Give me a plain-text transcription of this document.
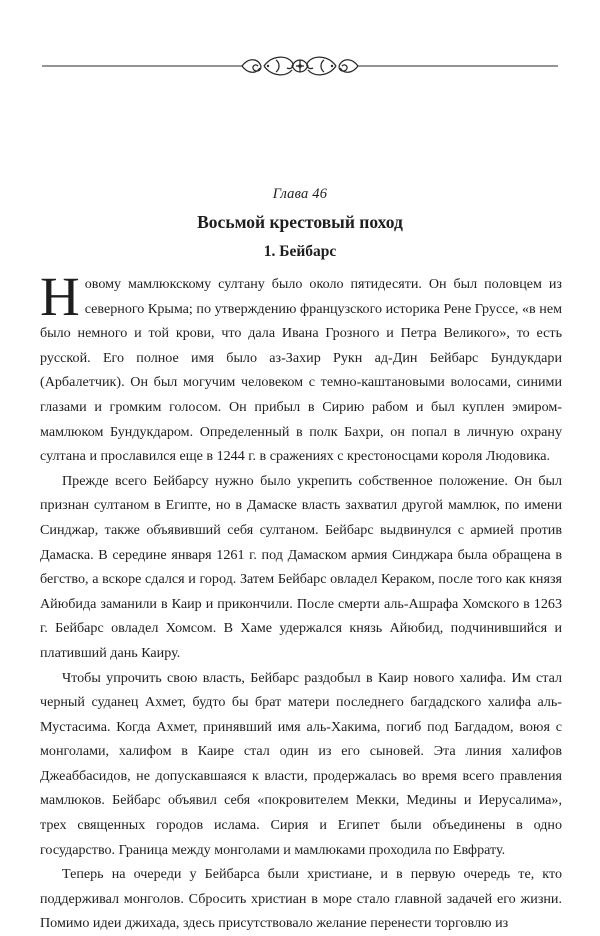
Глава 46
Восьмой крестовый поход
1. Бейбарс

Новому мамлюкскому султану было около пятидесяти. Он был половцем из северного Крыма; по утверждению французского историка Рене Груссе, «в нем было немного и той крови, что дала Ивана Грозного и Петра Великого», то есть русской. Его полное имя было аз-Захир Рукн ад-Дин Бейбарс Бундукдари (Арбалетчик). Он был могучим человеком с темно-каштановыми волосами, синими глазами и громким голосом. Он прибыл в Сирию рабом и был куплен эмиром-мамлюком Бундукдаром. Определенный в полк Бахри, он попал в личную охрану султана и прославился еще в 1244 г. в сражениях с крестоносцами короля Людовика.

Прежде всего Бейбарсу нужно было укрепить собственное положение. Он был признан султаном в Египте, но в Дамаске власть захватил другой мамлюк, по имени Синджар, также объявивший себя султаном. Бейбарс выдвинулся с армией против Дамаска. В середине января 1261 г. под Дамаском армия Синджара была обращена в бегство, а вскоре сдался и город. Затем Бейбарс овладел Кераком, после того как князя Айюбида заманили в Каир и прикончили. После смерти аль-Ашрафа Хомского в 1263 г. Бейбарс овладел Хомсом. В Хаме удержался князь Айюбид, подчинившийся и плативший дань Каиру.

Чтобы упрочить свою власть, Бейбарс раздобыл в Каир нового халифа. Им стал черный суданец Ахмет, будто бы брат матери последнего багдадского халифа аль-Мустасима. Когда Ахмет, принявший имя аль-Хакима, погиб под Багдадом, воюя с монголами, халифом в Каире стал один из его сыновей. Эта линия халифов Джеаббасидов, не допускавшаяся к власти, продержалась во время всего правления мамлюков. Бейбарс объявил себя «покровителем Мекки, Медины и Иерусалима», трех священных городов ислама. Сирия и Египет были объединены в одно государство. Граница между монголами и мамлюками проходила по Евфрату.

Теперь на очереди у Бейбарса были христиане, и в первую очередь те, кто поддерживал монголов. Сбросить христиан в море стало главной задачей его жизни. Помимо идеи джихада, здесь присутствовало желание перенести торговлю из
